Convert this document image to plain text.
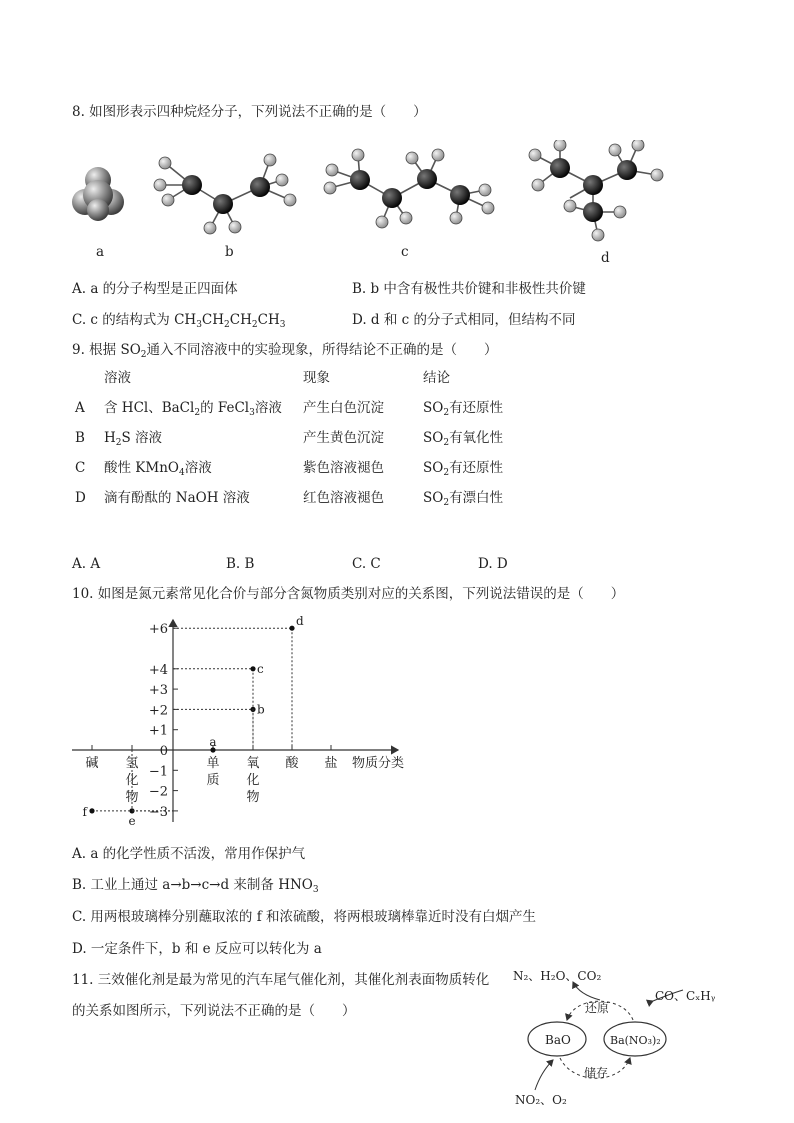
8. 如图形表示四种烷烃分子，下列说法不正确的是（　　）
a	b	c	d
A. a 的分子构型是正四面体	B. b 中含有极性共价键和非极性共价键
C. c 的结构式为 $CH_3CH_2CH_2CH_3$	D. d 和 c 的分子式相同，但结构不同
9. 根据 $SO_2$通入不同溶液中的实验现象，所得结论不正确的是（　　）
溶液	现象	结论
A 含 HCl、BaCl$_2$的 FeCl$_3$溶液 产生白色沉淀	$SO_2$有还原性
B $H_2S$ 溶液	产生黄色沉淀	$SO_2$有氧化性
C 酸性 KMnO$_4$溶液	紫色溶液褪色	$SO_2$有还原性
D 滴有酚酞的 NaOH 溶液	红色溶液褪色	$SO_2$有漂白性
A. A	B. B	C. C	D. D
10. 如图是氮元素常见化合价与部分含氮物质类别对应的关系图，下列说法错误的是（　　）
+6
+4
+3
+2
+1
0
−1
−2
−3
碱 氢
化
物
单
质
氧
化
物
酸 盐 物质分类
a
b
c
d
e
f
A. a 的化学性质不活泼，常用作保护气
B. 工业上通过 a→b→c→d 来制备 $HNO_3$
C. 用两根玻璃棒分别蘸取浓的 f 和浓硫酸，将两根玻璃棒靠近时没有白烟产生
D. 一定条件下，b 和 e 反应可以转化为 a
11. 三效催化剂是最为常见的汽车尾气催化剂，其催化剂表面物质转化
的关系如图所示，下列说法不正确的是（　　）
N₂、H₂O、CO₂
CO、CₓHᵧ
还原
储存
BaO	Ba(NO₃)₂
NO₂、O₂
